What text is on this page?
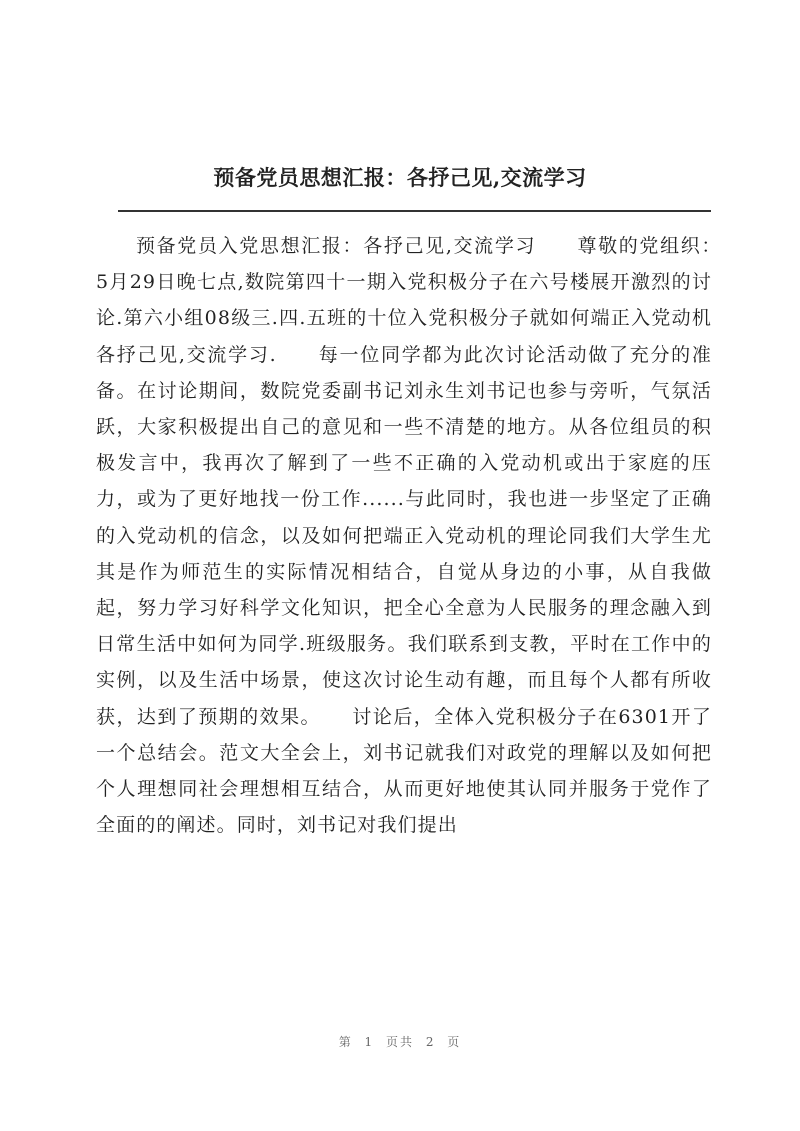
预备党员思想汇报：各抒己见,交流学习

预备党员入党思想汇报：各抒己见,交流学习　　尊敬的党组织：　　5月29日晚七点,数院第四十一期入党积极分子在六号楼展开激烈的讨论.第六小组08级三.四.五班的十位入党积极分子就如何端正入党动机各抒己见,交流学习.　　每一位同学都为此次讨论活动做了充分的准备。在讨论期间，数院党委副书记刘永生刘书记也参与旁听，气氛活跃，大家积极提出自己的意见和一些不清楚的地方。从各位组员的积极发言中，我再次了解到了一些不正确的入党动机或出于家庭的压力，或为了更好地找一份工作......与此同时，我也进一步坚定了正确的入党动机的信念，以及如何把端正入党动机的理论同我们大学生尤其是作为师范生的实际情况相结合，自觉从身边的小事，从自我做起，努力学习好科学文化知识，把全心全意为人民服务的理念融入到日常生活中如何为同学.班级服务。我们联系到支教，平时在工作中的实例，以及生活中场景，使这次讨论生动有趣，而且每个人都有所收获，达到了预期的效果。　　讨论后，全体入党积极分子在6301开了一个总结会。范文大全会上，刘书记就我们对政党的理解以及如何把个人理想同社会理想相互结合，从而更好地使其认同并服务于党作了全面的的阐述。同时，刘书记对我们提出

第 1 页共 2 页
